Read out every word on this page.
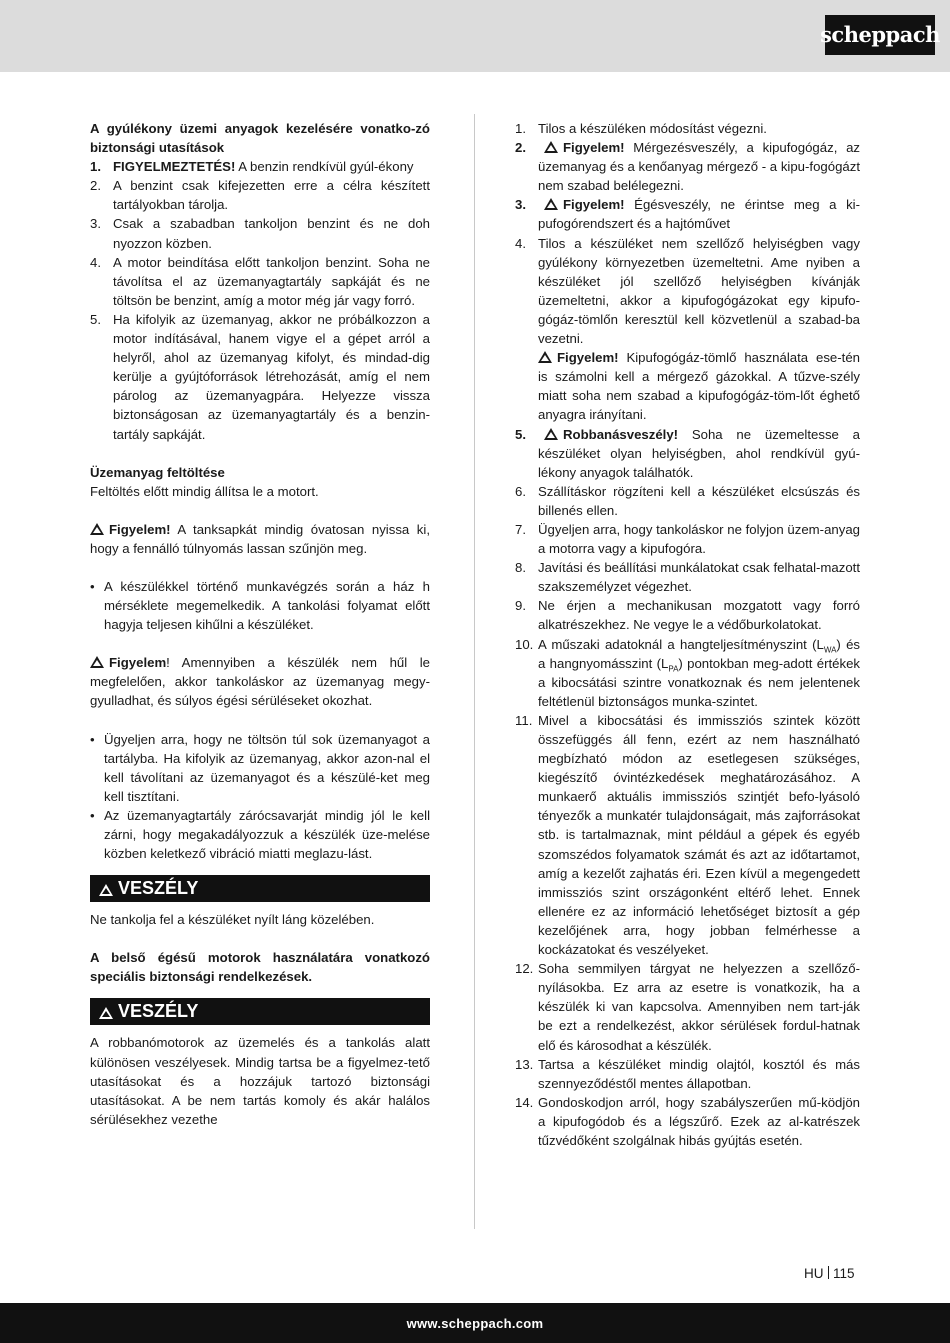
scheppach

A gyúlékony üzemi anyagok kezelésére vonatko-zó biztonsági utasítások

1. FIGYELMEZTETÉS! A benzin rendkívül gyúl-ékony
2. A benzint csak kifejezetten erre a célra készített tartályokban tárolja.
3. Csak a szabadban tankoljon benzint és ne doh nyozzon közben.
4. A motor beindítása előtt tankoljon benzint. Soha ne távolítsa el az üzemanyagtartály sapkáját és ne töltsön be benzint, amíg a motor még jár vagy forró.
5. Ha kifolyik az üzemanyag, akkor ne próbálkozzon a motor indításával, hanem vigye el a gépet arról a helyről, ahol az üzemanyag kifolyt, és mindad-dig kerülje a gyújtóforrások létrehozását, amíg el nem párolog az üzemanyagpára. Helyezze vissza biztonságosan az üzemanyagtartály és a benzin-tartály sapkáját.

Üzemanyag feltöltése

Feltöltés előtt mindig állítsa le a motort.

Figyelem! A tanksapkát mindig óvatosan nyissa ki, hogy a fennálló túlnyomás lassan szűnjön meg.

• A készülékkel történő munkavégzés során a ház h mérséklete megemelkedik. A tankolási folyamat előtt hagyja teljesen kihűlni a készüléket.

Figyelem! Amennyiben a készülék nem hűl le megfelelően, akkor tankoláskor az üzemanyag megy-gyulladhat, és súlyos égési sérüléseket okozhat.

• Ügyeljen arra, hogy ne töltsön túl sok üzemanyagot a tartályba. Ha kifolyik az üzemanyag, akkor azon-nal el kell távolítani az üzemanyagot és a készülé-ket meg kell tisztítani.
• Az üzemanyagtartály zárócsavarját mindig jól le kell zárni, hogy megakadályozzuk a készülék üze-melése közben keletkező vibráció miatti meglazu-lást.
VESZÉLY

Ne tankolja fel a készüléket nyílt láng közelében.

A belső égésű motorok használatára vonatkozó speciális biztonsági rendelkezések.

VESZÉLY

A robbanómotorok az üzemelés és a tankolás alatt különösen veszélyesek. Mindig tartsa be a figyelmez-tető utasításokat és a hozzájuk tartozó biztonsági utasításokat. A be nem tartás komoly és akár halálos sérülésekhez vezethe

1. Tilos a készüléken módosítást végezni.
2.	Figyelem! Mérgezésveszély, a kipufogógáz, az üzemanyag és a kenőanyag mérgező - a kipu-fogógázt nem szabad belélegezni.
3.	Figyelem! Égésveszély, ne érintse meg a ki-pufogórendszert és a hajtóművet
4. Tilos a készüléket nem szellőző helyiségben vagy gyúlékony környezetben üzemeltetni. Ame nyiben a készüléket jól szellőző helyiségben kívánják üzemeltetni, akkor a kipufogógázokat egy kipufo-gógáz-tömlőn keresztül kell közvetlenül a szabad-ba vezetni.
Figyelem! Kipufogógáz-tömlő használata ese-tén is számolni kell a mérgező gázokkal. A tűzve-szély miatt soha nem szabad a kipufogógáz-töm-lőt éghető anyagra irányítani.
5.	Robbanásveszély! Soha ne üzemeltesse a készüléket olyan helyiségben, ahol rendkívül gyú-lékony anyagok találhatók.
6. Szállításkor rögzíteni kell a készüléket elcsúszás és billenés ellen.
7. Ügyeljen arra, hogy tankoláskor ne folyjon üzem-anyag a motorra vagy a kipufogóra.
8. Javítási és beállítási munkálatokat csak felhatal-mazott szakszemélyzet végezhet.
9. Ne érjen a mechanikusan mozgatott vagy forró alkatrészekhez. Ne vegye le a védőburkolatokat.
10. A műszaki adatoknál a hangteljesítményszint $(L_{WA})$ és a hangnyomásszint $(L_{PA})$ pontokban meg-adott értékek a kibocsátási szintre vonatkoznak és nem jelentenek feltétlenül biztonságos munka-szintet.
11. Mivel a kibocsátási és immissziós szintek között összefüggés áll fenn, ezért az nem használható megbízható módon az esetlegesen szükséges, kiegészítő óvintézkedések meghatározásához. A munkaerő aktuális immissziós szintjét befo-lyásoló tényezők a munkatér tulajdonságait, más zajforrásokat stb. is tartalmaznak, mint például a gépek és egyéb szomszédos folyamatok számát és azt az időtartamot, amíg a kezelőt zajhatás éri. Ezen kívül a megengedett immissziós szint országonként eltérő lehet. Ennek ellenére ez az információ lehetőséget biztosít a gép kezelőjének arra, hogy jobban felmérhesse a kockázatokat és veszélyeket.
12. Soha semmilyen tárgyat ne helyezzen a szellőző-nyílásokba. Ez arra az esetre is vonatkozik, ha a készülék ki van kapcsolva. Amennyiben nem tart-ják be ezt a rendelkezést, akkor sérülések fordul-hatnak elő és károsodhat a készülék.
13. Tartsa a készüléket mindig olajtól, kosztól és más szennyeződéstől mentes állapotban.
14. Gondoskodjon arról, hogy szabályszerűen mű-ködjön a kipufogódob és a légszűrő. Ezek az al-katrészek tűzvédőként szolgálnak hibás gyújtás esetén.
HU 115
www.scheppach.com
